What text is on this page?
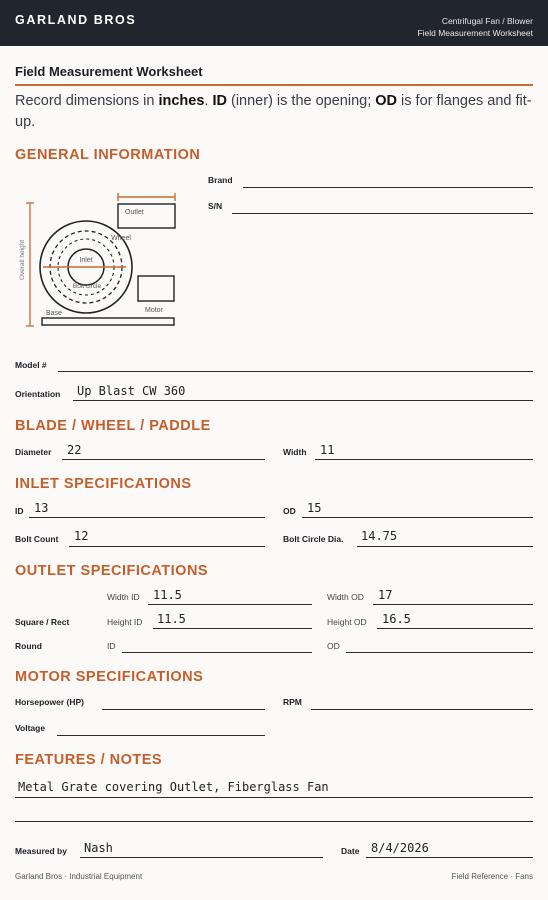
GARLAND BROS	Centrifugal Fan / Blower
Field Measurement Worksheet
Field Measurement Worksheet
Record dimensions in inches. ID (inner) is the opening; OD is for flanges and fit-up.
GENERAL INFORMATION
Overall height	Inlet
Wheel
Bolt circle
Outlet
Motor
Base
Brand
S/N
Model #
Orientation Up Blast CW 360
BLADE / WHEEL / PADDLE
Diameter 22	Width 11
INLET SPECIFICATIONS
ID 13	OD 15
Bolt Count 12	Bolt Circle Dia. 14.75
OUTLET SPECIFICATIONS
Width ID 11.5	Width OD 17
Square / Rect	Height ID 11.5	Height OD 16.5
Round	ID	OD
MOTOR SPECIFICATIONS
Horsepower (HP)	RPM
Voltage
FEATURES / NOTES
Metal Grate covering Outlet, Fiberglass Fan
Measured by Nash	Date 8/4/2026
Garland Bros · Industrial Equipment	Field Reference · Fans
